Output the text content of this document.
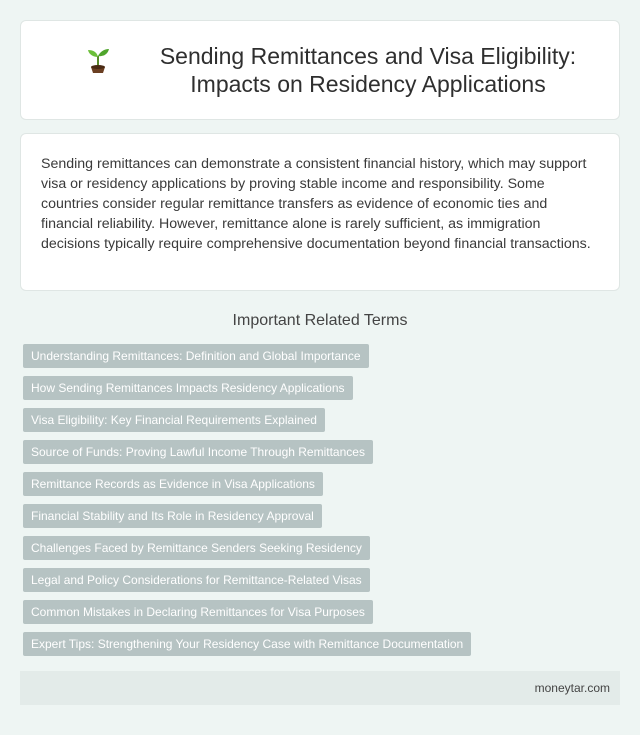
Sending Remittances and Visa Eligibility: Impacts on Residency Applications

Sending remittances can demonstrate a consistent financial history, which may support visa or residency applications by proving stable income and responsibility. Some countries consider regular remittance transfers as evidence of economic ties and financial reliability. However, remittance alone is rarely sufficient, as immigration decisions typically require comprehensive documentation beyond financial transactions.

Important Related Terms
Understanding Remittances: Definition and Global Importance
How Sending Remittances Impacts Residency Applications
Visa Eligibility: Key Financial Requirements Explained
Source of Funds: Proving Lawful Income Through Remittances
Remittance Records as Evidence in Visa Applications
Financial Stability and Its Role in Residency Approval
Challenges Faced by Remittance Senders Seeking Residency
Legal and Policy Considerations for Remittance-Related Visas
Common Mistakes in Declaring Remittances for Visa Purposes
Expert Tips: Strengthening Your Residency Case with Remittance Documentation
moneytar.com
